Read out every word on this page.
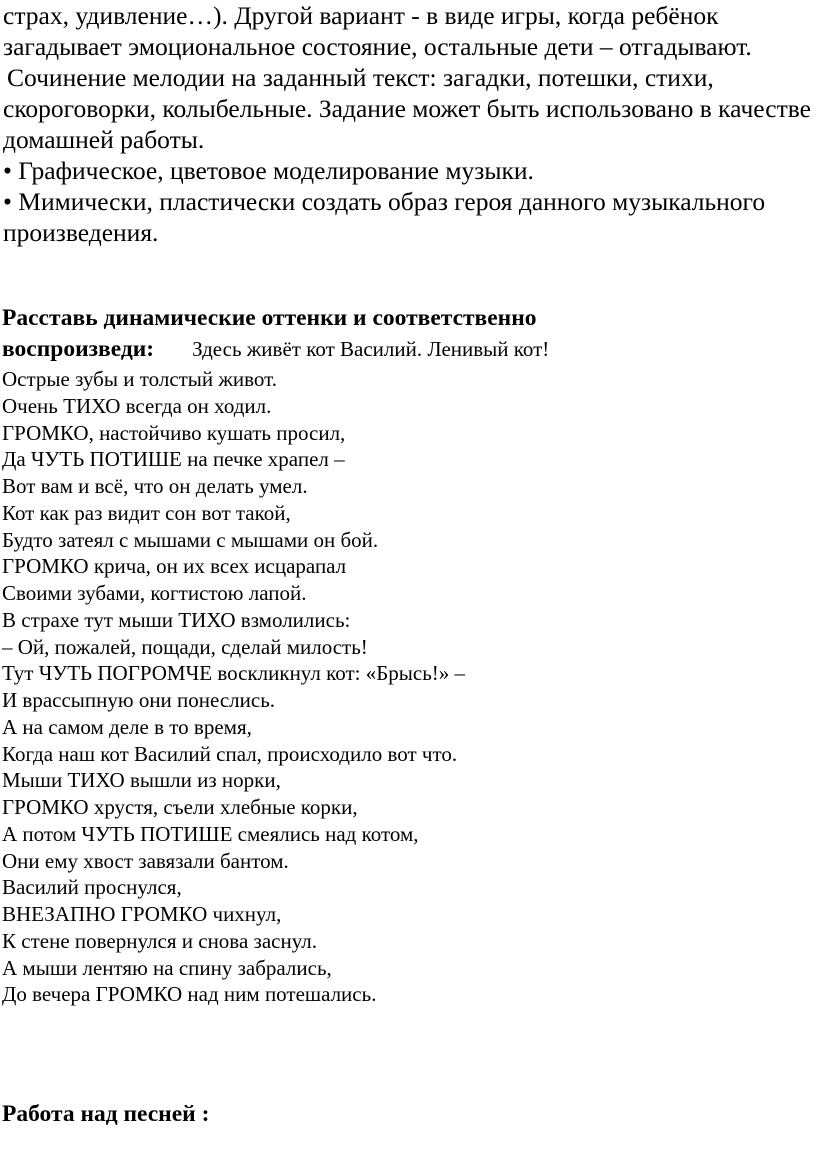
страх, удивление…). Другой вариант - в виде игры, когда ребёнок загадывает эмоциональное состояние, остальные дети – отгадывают.

Сочинение мелодии на заданный текст: загадки, потешки, стихи, скороговорки, колыбельные. Задание может быть использовано в качестве домашней работы.

• Графическое, цветовое моделирование музыки.

• Мимически, пластически создать образ героя данного музыкального произведения.

Расставь динамические оттенки и соответственно
воспроизведи: Здесь живёт кот Василий. Ленивый кот!
Острые зубы и толстый живот.
Очень ТИХО всегда он ходил.
ГРОМКО, настойчиво кушать просил,
Да ЧУТЬ ПОТИШЕ на печке храпел –
Вот вам и всё, что он делать умел.
Кот как раз видит сон вот такой,
Будто затеял с мышами с мышами он бой.
ГРОМКО крича, он их всех исцарапал
Своими зубами, когтистою лапой.
В страхе тут мыши ТИХО взмолились:
– Ой, пожалей, пощади, сделай милость!
Тут ЧУТЬ ПОГРОМЧЕ воскликнул кот: «Брысь!» –
И врассыпную они понеслись.
А на самом деле в то время,
Когда наш кот Василий спал, происходило вот что.
Мыши ТИХО вышли из норки,
ГРОМКО хрустя, съели хлебные корки,
А потом ЧУТЬ ПОТИШЕ смеялись над котом,
Они ему хвост завязали бантом.
Василий проснулся,
ВНЕЗАПНО ГРОМКО чихнул,
К стене повернулся и снова заснул.
А мыши лентяю на спину забрались,
До вечера ГРОМКО над ним потешались.
Работа над песней :
